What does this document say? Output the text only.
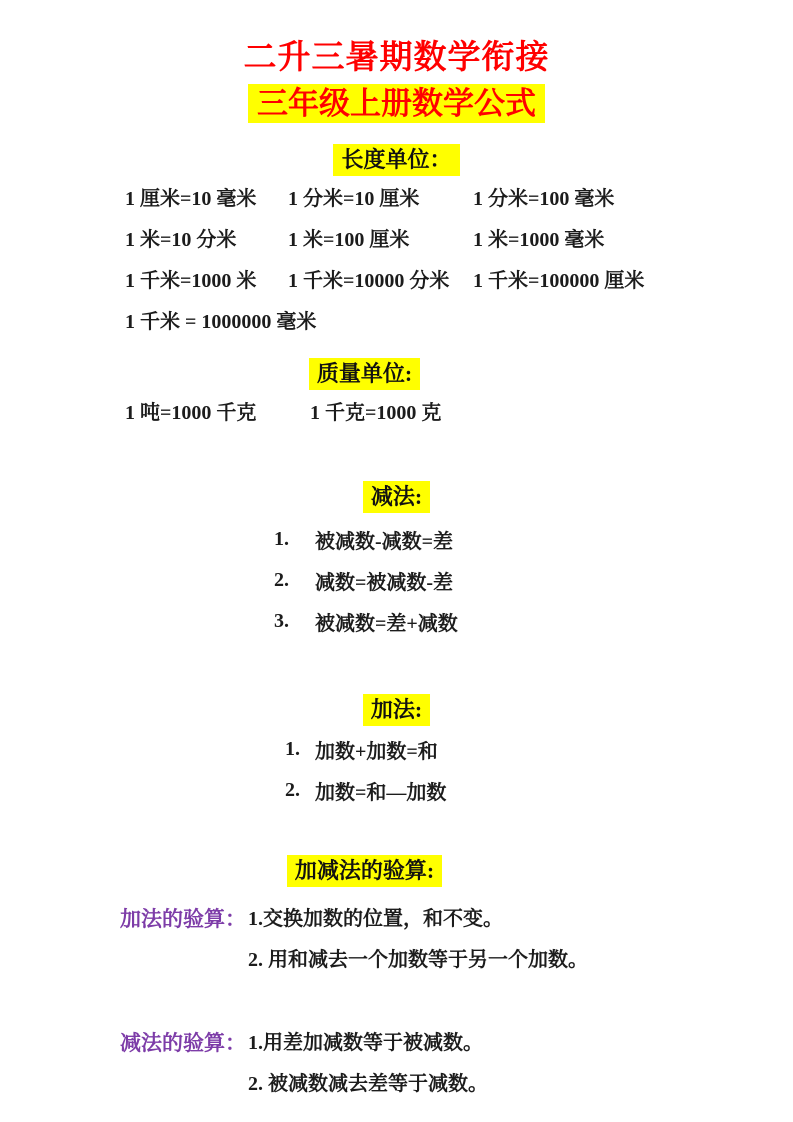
二升三暑期数学衔接
三年级上册数学公式
长度单位：
1 厘米=10 毫米	1 分米=10 厘米	1 分米=100 毫米
1 米=10 分米	1 米=100 厘米	1 米=1000 毫米
1 千米=1000 米	1 千米=10000 分米	1 千米=100000 厘米
1 千米 = 1000000 毫米
质量单位:
1 吨=1000 千克	1 千克=1000 克
减法:
1.	被减数-减数=差
2.	减数=被减数-差
3.	被减数=差+减数
加法:
1. 加数+加数=和
2. 加数=和—加数
加减法的验算:
加法的验算： 1.交换加数的位置，和不变。
2. 用和减去一个加数等于另一个加数。
减法的验算： 1.用差加减数等于被减数。
2. 被减数减去差等于减数。
